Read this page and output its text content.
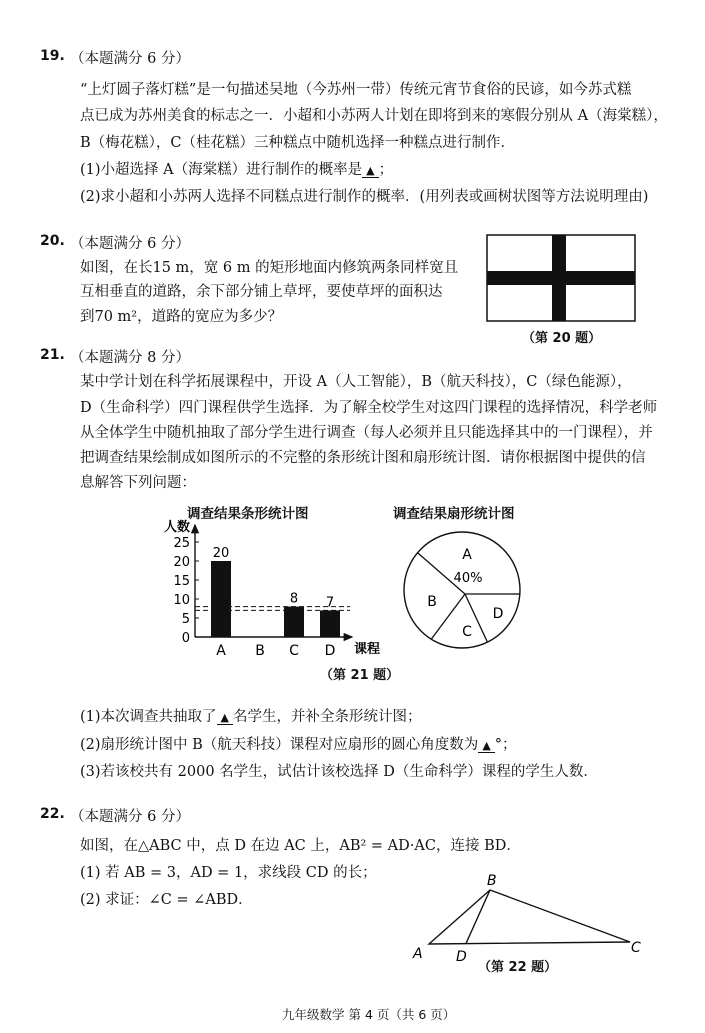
19. （本题满分 6 分）
“上灯圆子落灯糕”是一句描述吴地（今苏州一带）传统元宵节食俗的民谚，如今苏式糕
点已成为苏州美食的标志之一．小超和小苏两人计划在即将到来的寒假分别从 A（海棠糕），
B（梅花糕），C（桂花糕）三种糕点中随机选择一种糕点进行制作．
(1)小超选择 A（海棠糕）进行制作的概率是 ▲ ；
(2)求小超和小苏两人选择不同糕点进行制作的概率．(用列表或画树状图等方法说明理由)
20. （本题满分 6 分）
如图，在长15 m，宽 6 m 的矩形地面内修筑两条同样宽且
互相垂直的道路，余下部分铺上草坪，要使草坪的面积达
到70 m²，道路的宽应为多少？
（第 20 题）
21. （本题满分 8 分）
某中学计划在科学拓展课程中，开设 A（人工智能），B（航天科技），C（绿色能源），
D（生命科学）四门课程供学生选择．为了解全校学生对这四门课程的选择情况，科学老师
从全体学生中随机抽取了部分学生进行调查（每人必须并且只能选择其中的一门课程），并
把调查结果绘制成如图所示的不完整的条形统计图和扇形统计图．请你根据图中提供的信
息解答下列问题：
调查结果条形统计图	调查结果扇形统计图
人数
课程
0
5
10
15
20
25
20
A B
8
C
7
D
（第 21 题）
A
B
C
D
40%
(1)本次调查共抽取了 ▲ 名学生，并补全条形统计图；
(2)扇形统计图中 B（航天科技）课程对应扇形的圆心角度数为 ▲ °；
(3)若该校共有 2000 名学生，试估计该校选择 D（生命科学）课程的学生人数．
22. （本题满分 6 分）
如图，在△ABC 中，点 D 在边 AC 上，AB² = AD·AC，连接 BD．
(1) 若 AB = 3，AD = 1，求线段 CD 的长；
(2) 求证：∠C = ∠ABD．
A
B
C
D
（第 22 题）
九年级数学 第 4 页（共 6 页）
